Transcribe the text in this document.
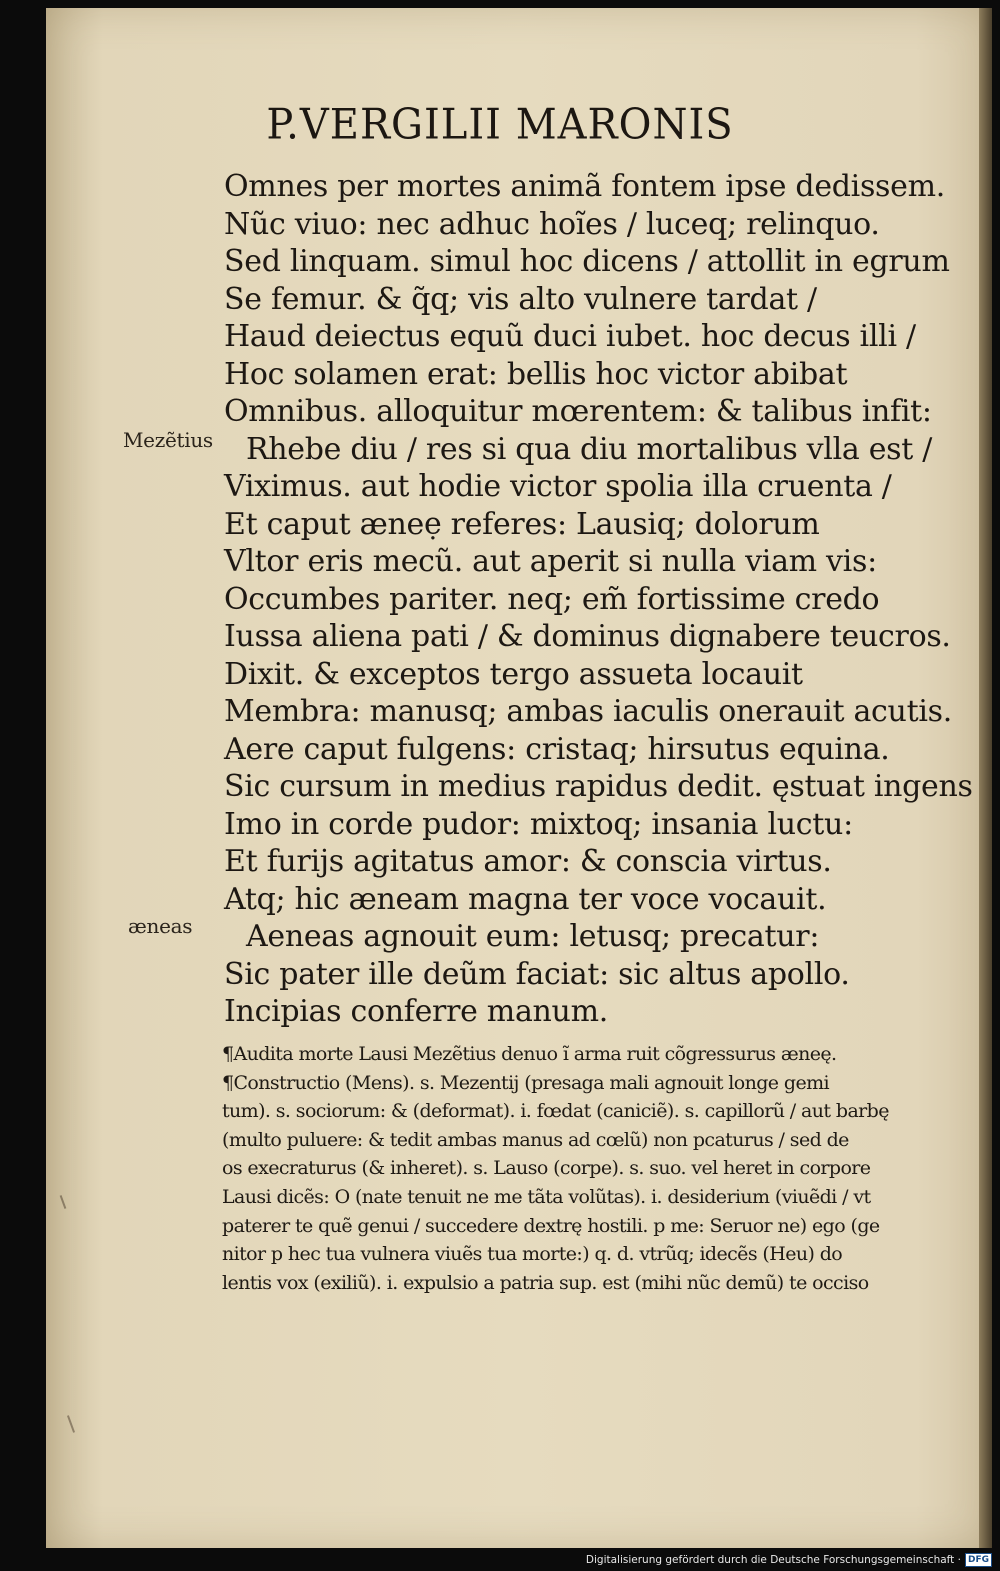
P.VERGILII MARONIS
Mezẽtius
æneas
Omnes per mortes animã fontem ipse dedissem.
Nũc viuo: nec adhuc hoĩes / luceq; relinquo.
Sed linquam. simul hoc dicens / attollit in egrum
Se femur. & q̃q; vis alto vulnere tardat /
Haud deiectus equũ duci iubet. hoc decus illi /
Hoc solamen erat: bellis hoc victor abibat
Omnibus. alloquitur mœrentem: & talibus infit:
Rhebe diu / res si qua diu mortalibus vlla est /
Viximus. aut hodie victor spolia illa cruenta /
Et caput æneẹ referes: Lausiq; dolorum
Vltor eris mecũ. aut aperit si nulla viam vis:
Occumbes pariter. neq; em̃ fortissime credo
Iussa aliena pati / & dominus dignabere teucros.
Dixit. & exceptos tergo assueta locauit
Membra: manusq; ambas iaculis onerauit acutis.
Aere caput fulgens: cristaq; hirsutus equina.
Sic cursum in medius rapidus dedit. ęstuat ingens
Imo in corde pudor: mixtoq; insania luctu:
Et furijs agitatus amor: & conscia virtus.
Atq; hic æneam magna ter voce vocauit.
Aeneas agnouit eum: letusq; precatur:
Sic pater ille deũm faciat: sic altus apollo.
Incipias conferre manum.
¶Audita morte Lausi Mezẽtius denuo ĩ arma ruit cõgressurus æneę.
¶Constructio (Mens). s. Mezentij (presaga mali agnouit longe gemi
tum). s. sociorum: & (deformat). i. fœdat (caniciẽ). s. capillorũ / aut barbę
(multo puluere: & tedit ambas manus ad cœlũ) non pcaturus / sed de
os execraturus (& inheret). s. Lauso (corpe). s. suo. vel heret in corpore
Lausi dicẽs: O (nate tenuit ne me tãta volũtas). i. desiderium (viuẽdi / vt
paterer te quẽ genui / succedere dextrę hostili. p me: Seruor ne) ego (ge
nitor p hec tua vulnera viuẽs tua morte:) q. d. vtrũq; idecẽs (Heu) do
lentis vox (exiliũ). i. expulsio a patria sup. est (mihi nũc demũ) te occiso
Digitalisierung gefördert durch die Deutsche Forschungsgemeinschaft · DFG
